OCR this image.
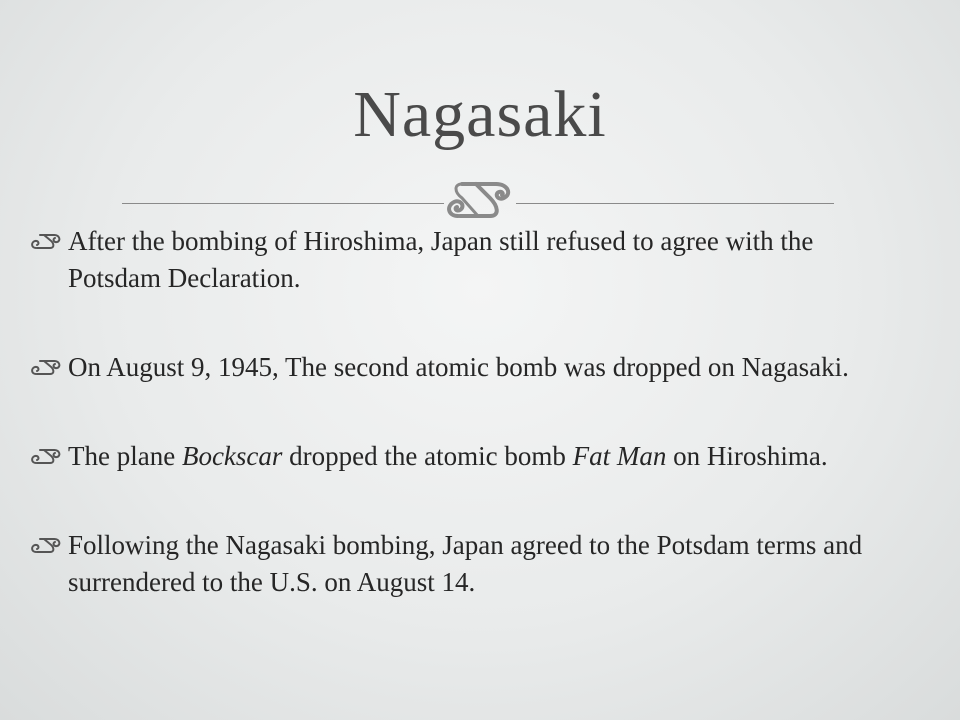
Nagasaki
After the bombing of Hiroshima, Japan still refused to agree with the Potsdam Declaration.
On August 9, 1945, The second atomic bomb was dropped on Nagasaki.
The plane Bockscar dropped the atomic bomb Fat Man on Hiroshima.
Following the Nagasaki bombing, Japan agreed to the Potsdam terms and surrendered to the U.S. on August 14.
